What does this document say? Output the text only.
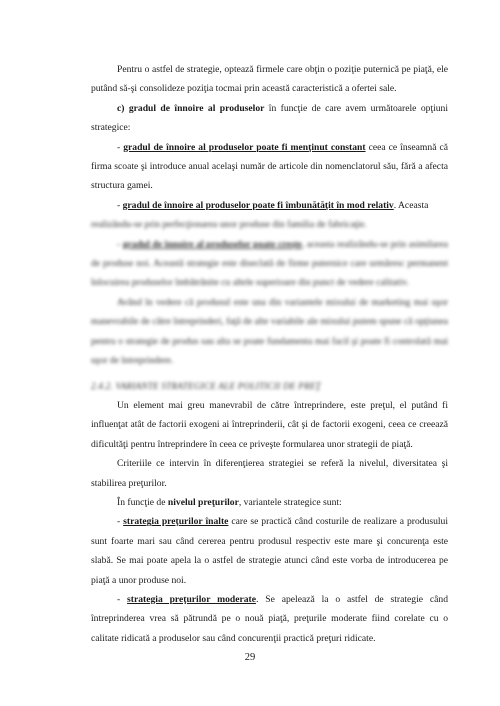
Pentru o astfel de strategie, optează firmele care obţin o poziţie puternică pe piaţă, ele putând să-şi consolideze poziţia tocmai prin această caracteristică a ofertei sale.

c) gradul de înnoire al produselor în funcţie de care avem următoarele opţiuni strategice:

- gradul de înnoire al produselor poate fi menţinut constant ceea ce înseamnă că firma scoate şi introduce anual acelaşi număr de articole din nomenclatorul său, fără a afecta structura gamei.

- gradul de înnoire al produselor poate fi îmbunătăţit în mod relativ. Aceasta

realizându-se prin perfecţionarea unor produse din familia de fabricaţie.

- gradul de înnoire al produselor poate creşte, aceasta realizându-se prin asimilarea de produse noi. Această strategie este diseclată de firme puternice care urmăresc permanent înlocuirea produselor îmbătrânite cu altele superioare din punct de vedere calitativ.

Având în vedere că produsul este una din variantele mixului de marketing mai uşor manevrabile de către întreprinderi, faţă de alte variabile ale mixului putem spune că opţiunea pentru o strategie de produs sau alta se poate fundamenta mai facil şi poate fi controlată mai uşor de întreprindere.

2.4.2. VARIANTE STRATEGICE ALE POLITICII DE PREŢ

Un element mai greu manevrabil de către întreprindere, este preţul, el putând fi influenţat atât de factorii exogeni ai întreprinderii, cât şi de factorii exogeni, ceea ce creează dificultăţi pentru întreprindere în ceea ce priveşte formularea unor strategii de piaţă.

Criteriile ce intervin în diferenţierea strategiei se referă la nivelul, diversitatea şi stabilirea preţurilor.

În funcţie de nivelul preţurilor, variantele strategice sunt:

- strategia preţurilor înalte care se practică când costurile de realizare a produsului sunt foarte mari sau când cererea pentru produsul respectiv este mare şi concurenţa este slabă. Se mai poate apela la o astfel de strategie atunci când este vorba de introducerea pe piaţă a unor produse noi.

- strategia preţurilor moderate. Se apelează la o astfel de strategie când întreprinderea vrea să pătrundă pe o nouă piaţă, preţurile moderate fiind corelate cu o calitate ridicată a produselor sau când concurenţii practică preţuri ridicate.

29
